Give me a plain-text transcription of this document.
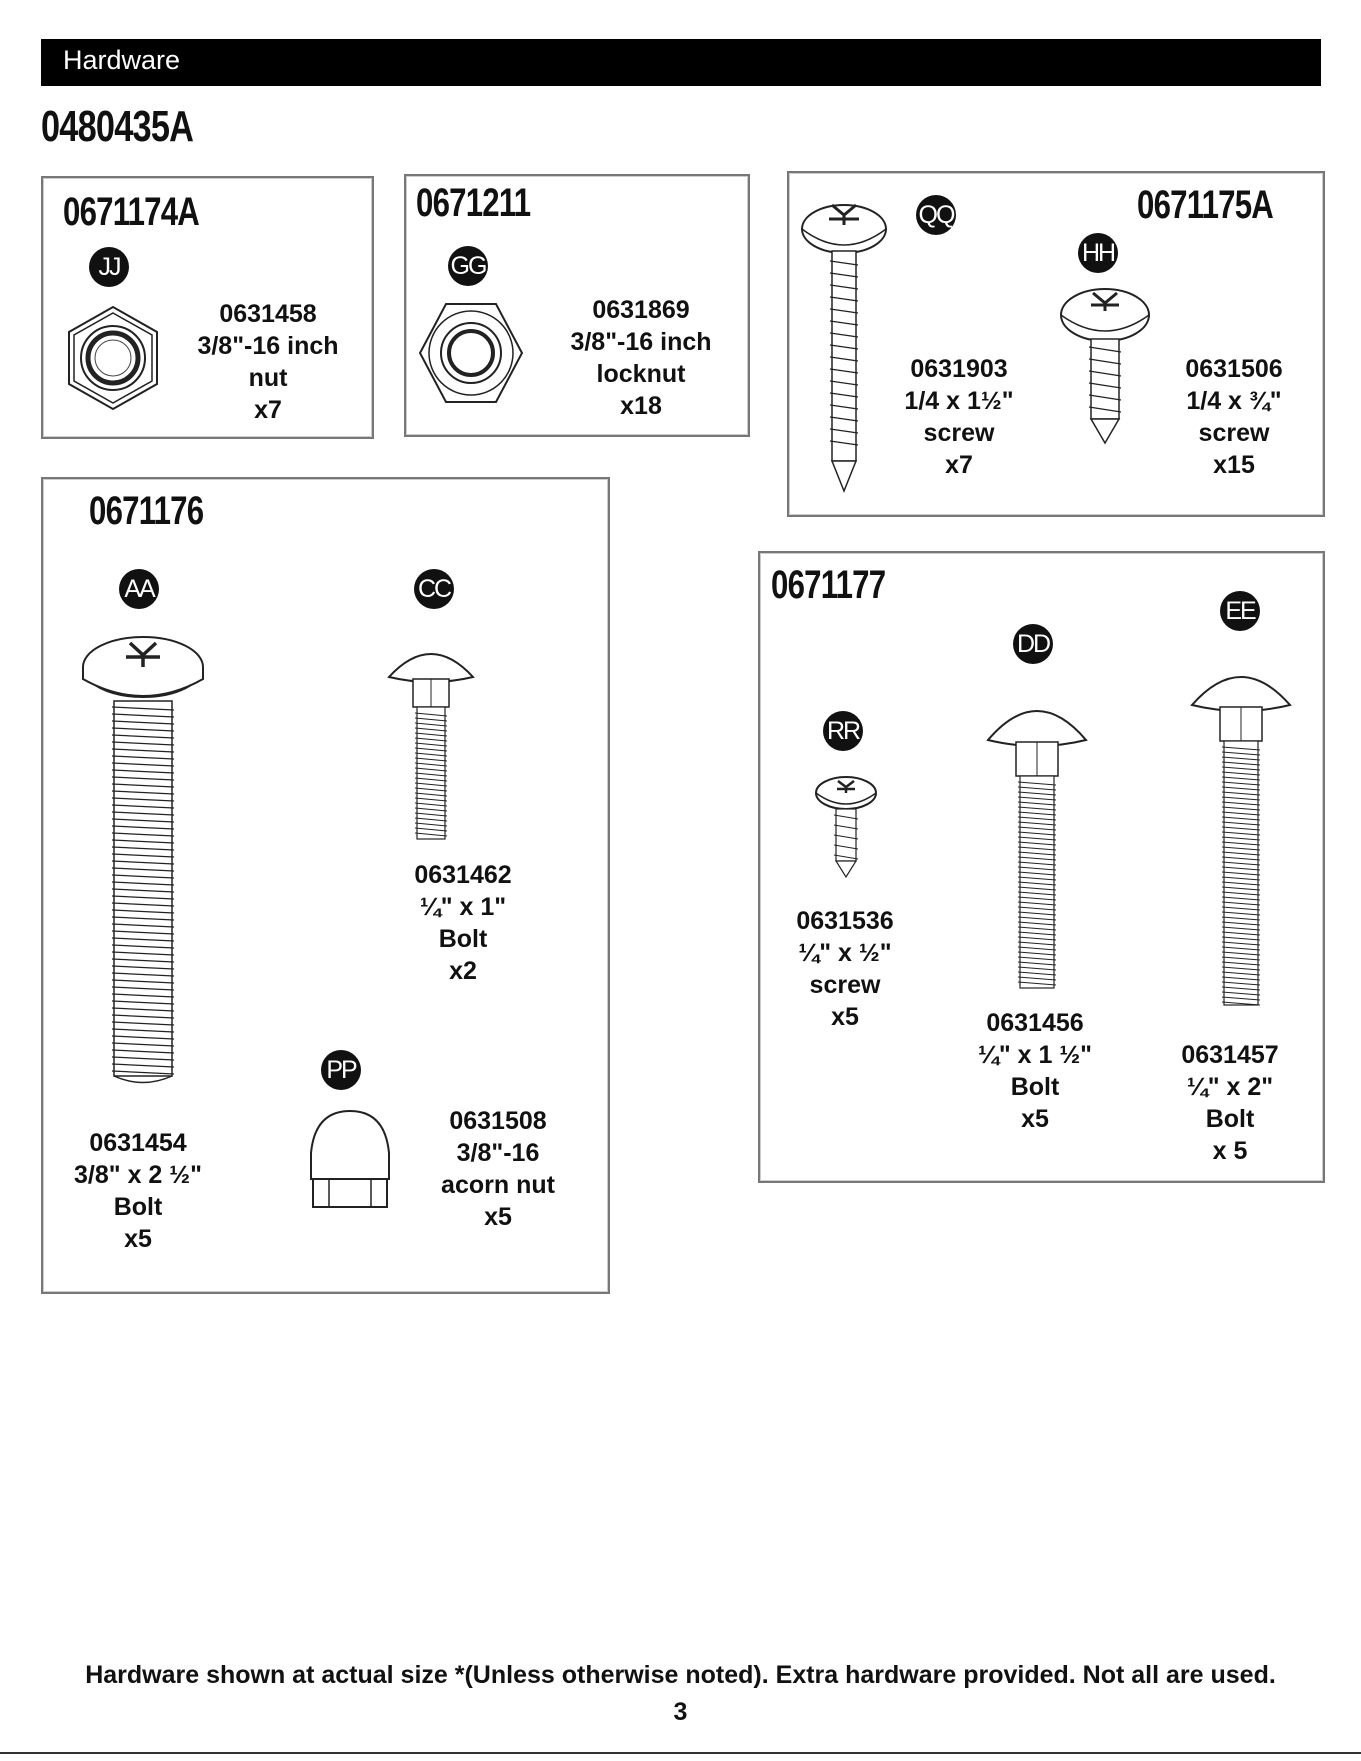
Hardware
0480435A
0671174A
JJ
0631458
3/8"-16 inch
nut
x7
0671211
GG
0631869
3/8"-16 inch
locknut
x18
0671175A
QQ
HH
0631903
1/4 x 1½"
screw
x7
0631506
1/4 x ¾"
screw
x15
0671176
AA	CC
PP
0631454
3/8" x 2 ½"
Bolt
x5
0631462
¼" x 1"
Bolt
x2
0631508
3/8"-16
acorn nut
x5
0671177
RR
DD
EE
0631536
¼" x ½"
screw
x5	0631456
¼" x 1 ½"
Bolt
x5
0631457
¼" x 2"
Bolt
x 5
Hardware shown at actual size *(Unless otherwise noted). Extra hardware provided. Not all are used.
3
